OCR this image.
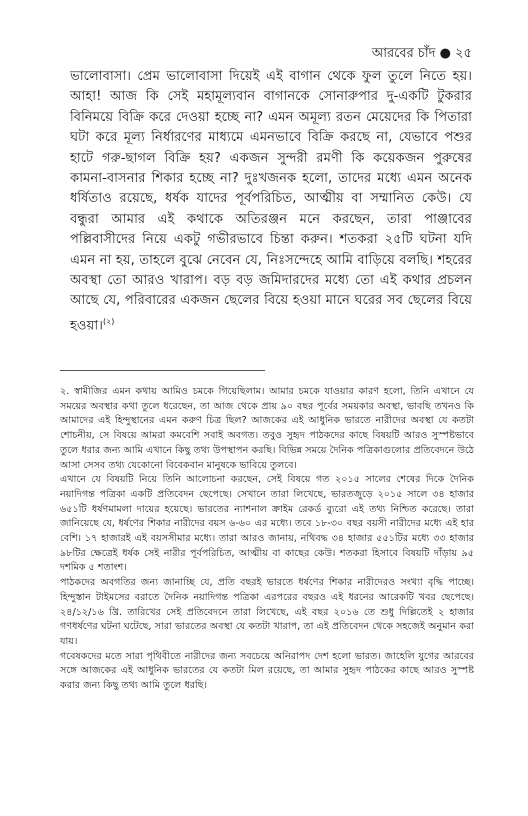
আরবের চাঁদ ● ২৫
ভালোবাসা। প্রেম ভালোবাসা দিয়েই এই বাগান থেকে ফুল তুলে নিতে হয়। আহা! আজ কি সেই মহামূল্যবান বাগানকে সোনারুপার দু-একটি টুকরার বিনিময়ে বিক্রি করে দেওয়া হচ্ছে না? এমন অমূল্য রতন মেয়েদের কি পিতারা ঘটা করে মূল্য নির্ধারণের মাধ্যমে এমনভাবে বিক্রি করছে না, যেভাবে পশুর হাটে গরু-ছাগল বিক্রি হয়? একজন সুন্দরী রমণী কি কয়েকজন পুরুষের কামনা-বাসনার শিকার হচ্ছে না? দুঃখজনক হলো, তাদের মধ্যে এমন অনেক ধর্ষিতাও রয়েছে, ধর্ষক যাদের পূর্বপরিচিত, আত্মীয় বা সম্মানিত কেউ। যে বন্ধুরা আমার এই কথাকে অতিরঞ্জন মনে করছেন, তারা পাঞ্জাবের পল্লিবাসীদের নিয়ে একটু গভীরভাবে চিন্তা করুন। শতকরা ২৫টি ঘটনা যদি এমন না হয়, তাহলে বুঝে নেবেন যে, নিঃসন্দেহে আমি বাড়িয়ে বলছি। শহরের অবস্থা তো আরও খারাপ। বড় বড় জমিদারদের মধ্যে তো এই কথার প্রচলন আছে যে, পরিবারের একজন ছেলের বিয়ে হওয়া মানে ঘরের সব ছেলের বিয়ে হওয়া।$^{(২)}$

২. স্বামীজির এমন কথায় আমিও চমকে গিয়েছিলাম। আমার চমকে যাওয়ার কারণ হলো, তিনি এখানে যে সময়ের অবস্থার কথা তুলে ধরেছেন, তা আজ থেকে প্রায় ৯০ বছর পূর্বের সময়কার অবস্থা, ভাবছি তখনও কি আমাদের এই হিন্দুস্থানের এমন করুণ চিত্র ছিল? আজকের এই আধুনিক ভারতে নারীদের অবস্থা যে কতটা শোচনীয়, সে বিষয়ে আমরা কমবেশি সবাই অবগত। তবুও সুহৃদ পাঠকদের কাছে বিষয়টি আরও সুস্পষ্টভাবে তুলে ধরার জন্য আমি এখানে কিছু তথ্য উপস্থাপন করছি। বিভিন্ন সময়ে দৈনিক পত্রিকাগুলোর প্রতিবেদনে উঠে আসা সেসব তথ্য যেকোনো বিবেকবান মানুষকে ভাবিয়ে তুলবে।

এখানে যে বিষয়টি নিয়ে তিনি আলোচনা করছেন, সেই বিষয়ে গত ২০১৫ সালের শেষের দিকে দৈনিক নয়াদিগন্ত পত্রিকা একটি প্রতিবেদন ছেপেছে। সেখানে তারা লিখেছে, ভারতজুড়ে ২০১৫ সালে ৩৪ হাজার ৬৫১টি ধর্ষণমামলা দায়ের হয়েছে। ভারতের ন্যাশনাল ক্রাইম রেকর্ড ব্যুরো এই তথ্য নিশ্চিত করেছে। তারা জানিয়েছে যে, ধর্ষণের শিকার নারীদের বয়স ৬-৬০ এর মধ্যে। তবে ১৮-৩০ বছর বয়সী নারীদের মধ্যে এই হার বেশি। ১৭ হাজারই এই বয়সসীমার মধ্যে। তারা আরও জানায়, নথিবদ্ধ ৩৪ হাজার ৫৫১টির মধ্যে ৩৩ হাজার ৯৮টির ক্ষেত্রেই ধর্ষক সেই নারীর পূর্বপরিচিত, আত্মীয় বা কাছের কেউ। শতকরা হিসাবে বিষয়টি দাঁড়ায় ৯৫ দশমিক ৫ শতাংশ।

পাঠকদের অবগতির জন্য জানাচ্ছি যে, প্রতি বছরই ভারতে ধর্ষণের শিকার নারীদেরও সংখ্যা বৃদ্ধি পাচ্ছে। হিন্দুস্তান টাইমসের বরাতে দৈনিক নয়াদিগন্ত পত্রিকা এরপরের বছরও এই ধরনের আরেকটি খবর ছেপেছে। ২৪/১২/১৬ খ্রি. তারিখের সেই প্রতিবেদনে তারা লিখেছে, এই বছর ২০১৬ তে শুধু দিল্লিতেই ২ হাজার গণধর্ষণের ঘটনা ঘটেছে, সারা ভারতের অবস্থা যে কতটা খারাপ, তা এই প্রতিবেদন থেকে সহজেই অনুমান করা যায়।

গবেষকদের মতে সারা পৃথিবীতে নারীদের জন্য সবচেয়ে অনিরাপদ দেশ হলো ভারত। জাহেলি যুগের আরবের সঙ্গে আজকের এই আধুনিক ভারতের যে কতটা মিল রয়েছে, তা আমার সুহৃদ পাঠকের কাছে আরও সুস্পষ্ট করার জন্য কিছু তথ্য আমি তুলে ধরছি।
